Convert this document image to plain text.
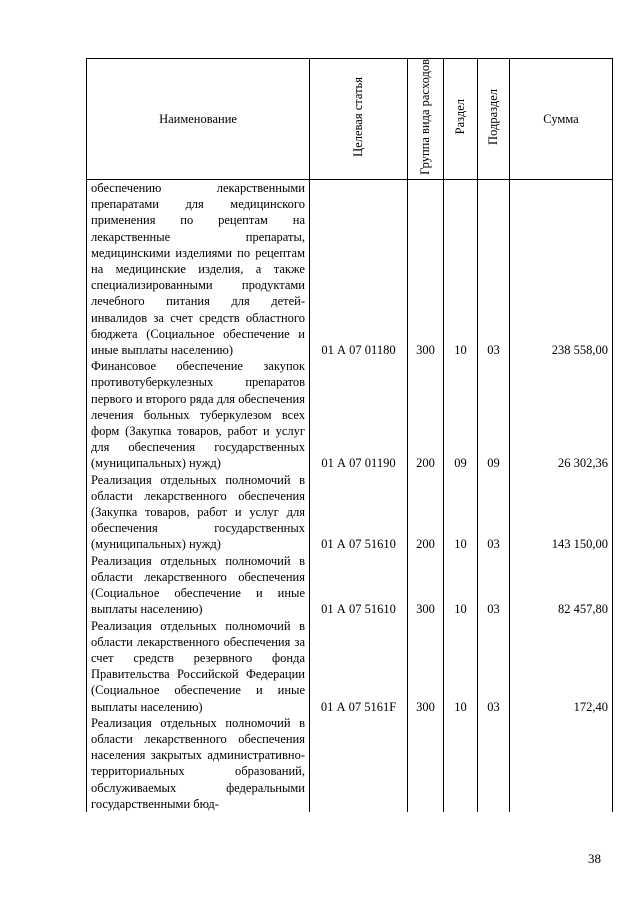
Наименование	Целевая статья	Группа вида расходов	Раздел	Подраздел	Сумма
обеспечению лекарственными препаратами для медицинского применения по рецептам на лекарственные препараты, медицинскими изделиями по рецептам на медицинские изделия, а также специализированными продуктами лечебного питания для детей-инвалидов за счет средств областного бюджета (Социальное обеспечение и иные выплаты населению)	01 А 07 01180	300	10	03	238 558,00
Финансовое обеспечение закупок противотуберкулезных препаратов первого и второго ряда для обеспечения лечения больных туберкулезом всех форм (Закупка товаров, работ и услуг для обеспечения государственных (муниципальных) нужд)	01 А 07 01190	200	09	09	26 302,36
Реализация отдельных полномочий в области лекарственного обеспечения (Закупка товаров, работ и услуг для обеспечения государственных (муниципальных) нужд)	01 А 07 51610	200	10	03	143 150,00
Реализация отдельных полномочий в области лекарственного обеспечения (Социальное обеспечение и иные выплаты населению)	01 А 07 51610	300	10	03	82 457,80
Реализация отдельных полномочий в области лекарственного обеспечения за счет средств резервного фонда Правительства Российской Федерации (Социальное обеспечение и иные выплаты населению)	01 А 07 5161F	300	10	03	172,40
Реализация отдельных полномочий в области лекарственного обеспечения населения закрытых административно-территориальных образований, обслуживаемых федеральными государственными бюд-					
38
